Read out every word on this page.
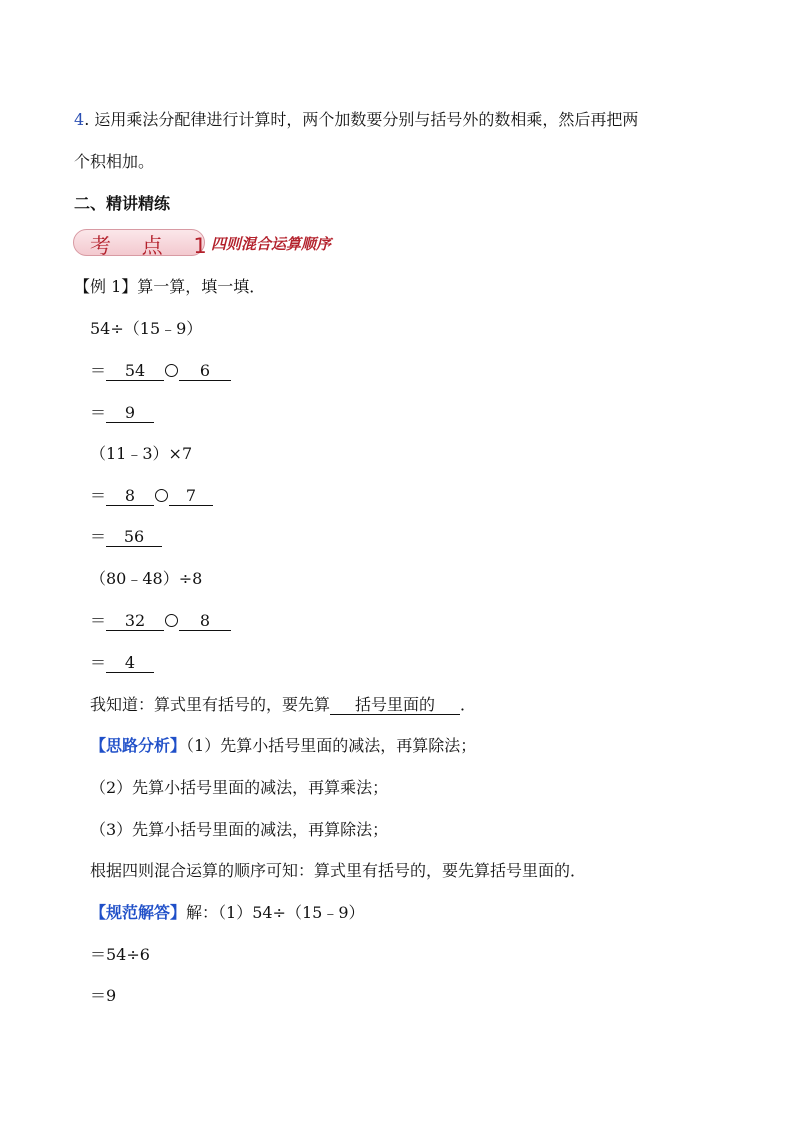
4. 运用乘法分配律进行计算时，两个加数要分别与括号外的数相乘，然后再把两
个积相加。
二、精讲精练
考 点 1
四则混合运算顺序
【例 1】算一算，填一填．
54÷（15﹣9）
＝ 54	6
＝ 9
（11﹣3）×7
＝ 8	7
＝ 56
（80﹣48）÷8
＝ 32	8
＝ 4
我知道：算式里有括号的，要先算 括号里面的 ．
【思路分析】（1）先算小括号里面的减法，再算除法；
（2）先算小括号里面的减法，再算乘法；
（3）先算小括号里面的减法，再算除法；
根据四则混合运算的顺序可知：算式里有括号的，要先算括号里面的．
【规范解答】解：（1）54÷（15﹣9）
＝54÷6
＝9
